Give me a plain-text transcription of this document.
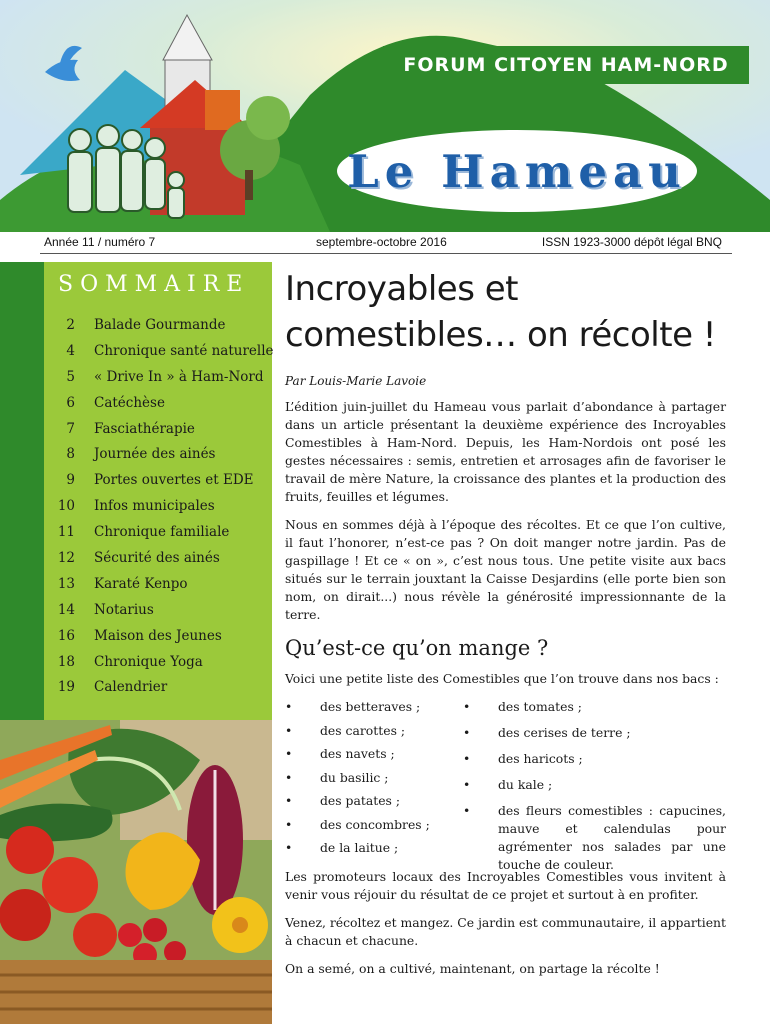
FORUM CITOYEN HAM-NORD
Le Hameau
Année 11 / numéro 7	septembre-octobre 2016	ISSN 1923-3000 dépôt légal BNQ
SOMMAIRE
2 Balade Gourmande
4 Chronique santé naturelle
5 « Drive In » à Ham-Nord
6 Catéchèse
7 Fasciathérapie
8 Journée des ainés
9 Portes ouvertes et EDE
10 Infos municipales
11 Chronique familiale
12 Sécurité des ainés
13 Karaté Kenpo
14 Notarius
16 Maison des Jeunes
18 Chronique Yoga
19 Calendrier
Incroyables et comestibles… on récolte !
Par Louis-Marie Lavoie

L’édition juin-juillet du Hameau vous parlait d’abondance à partager dans un article présentant la deuxième expérience des Incroyables Comestibles à Ham-Nord. Depuis, les Ham-Nordois ont posé les gestes nécessaires : semis, entretien et arrosages afin de favoriser le travail de mère Nature, la croissance des plantes et la production des fruits, feuilles et légumes.

Nous en sommes déjà à l’époque des récoltes. Et ce que l’on cultive, il faut l’honorer, n’est-ce pas ? On doit manger notre jardin. Pas de gaspillage ! Et ce « on », c’est nous tous. Une petite visite aux bacs situés sur le terrain jouxtant la Caisse Desjardins (elle porte bien son nom, on dirait...) nous révèle la générosité impressionnante de la terre.

Qu’est-ce qu’on mange ?

Voici une petite liste des Comestibles que l’on trouve dans nos bacs :

• des betteraves ;
• des carottes ;
• des navets ;
• du basilic ;
• des patates ;
• des concombres ;
• de la laitue ;
• des tomates ;
• des cerises de terre ;
• des haricots ;
• du kale ;
• des fleurs comestibles : capucines, mauve et calendulas pour agrémenter nos salades par une touche de couleur.

Les promoteurs locaux des Incroyables Comestibles vous invitent à venir vous réjouir du résultat de ce projet et surtout à en profiter.

Venez, récoltez et mangez. Ce jardin est communautaire, il appartient à chacun et chacune.

On a semé, on a cultivé, maintenant, on partage la récolte !
